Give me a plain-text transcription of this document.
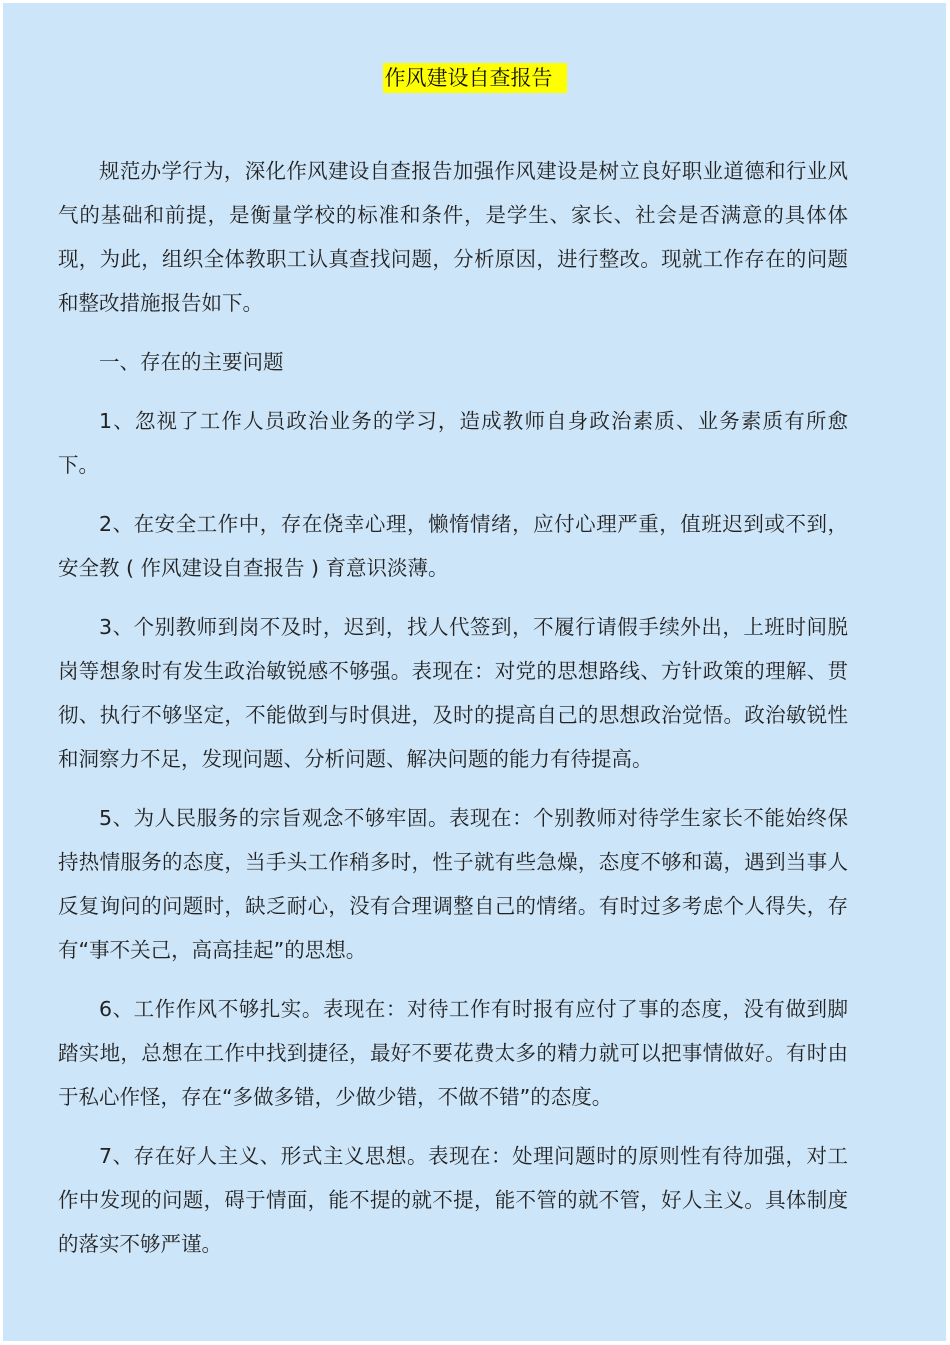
作风建设自查报告

规范办学行为，深化作风建设自查报告加强作风建设是树立良好职业道德和行业风气的基础和前提，是衡量学校的标准和条件，是学生、家长、社会是否满意的具体体现，为此，组织全体教职工认真查找问题，分析原因，进行整改。现就工作存在的问题和整改措施报告如下。

一、存在的主要问题

1、忽视了工作人员政治业务的学习，造成教师自身政治素质、业务素质有所愈下。

2、在安全工作中，存在侥幸心理，懒惰情绪，应付心理严重，值班迟到或不到，安全教 ( 作风建设自查报告 ) 育意识淡薄。

3、个别教师到岗不及时，迟到，找人代签到，不履行请假手续外出，上班时间脱岗等想象时有发生政治敏锐感不够强。表现在：对党的思想路线、方针政策的理解、贯彻、执行不够坚定，不能做到与时俱进，及时的提高自己的思想政治觉悟。政治敏锐性和洞察力不足，发现问题、分析问题、解决问题的能力有待提高。

5、为人民服务的宗旨观念不够牢固。表现在：个别教师对待学生家长不能始终保持热情服务的态度，当手头工作稍多时，性子就有些急燥，态度不够和蔼，遇到当事人反复询问的问题时，缺乏耐心，没有合理调整自己的情绪。有时过多考虑个人得失，存有“事不关己，高高挂起”的思想。

6、工作作风不够扎实。表现在：对待工作有时报有应付了事的态度，没有做到脚踏实地，总想在工作中找到捷径，最好不要花费太多的精力就可以把事情做好。有时由于私心作怪，存在“多做多错，少做少错，不做不错”的态度。

7、存在好人主义、形式主义思想。表现在：处理问题时的原则性有待加强，对工作中发现的问题，碍于情面，能不提的就不提，能不管的就不管，好人主义。具体制度的落实不够严谨。
